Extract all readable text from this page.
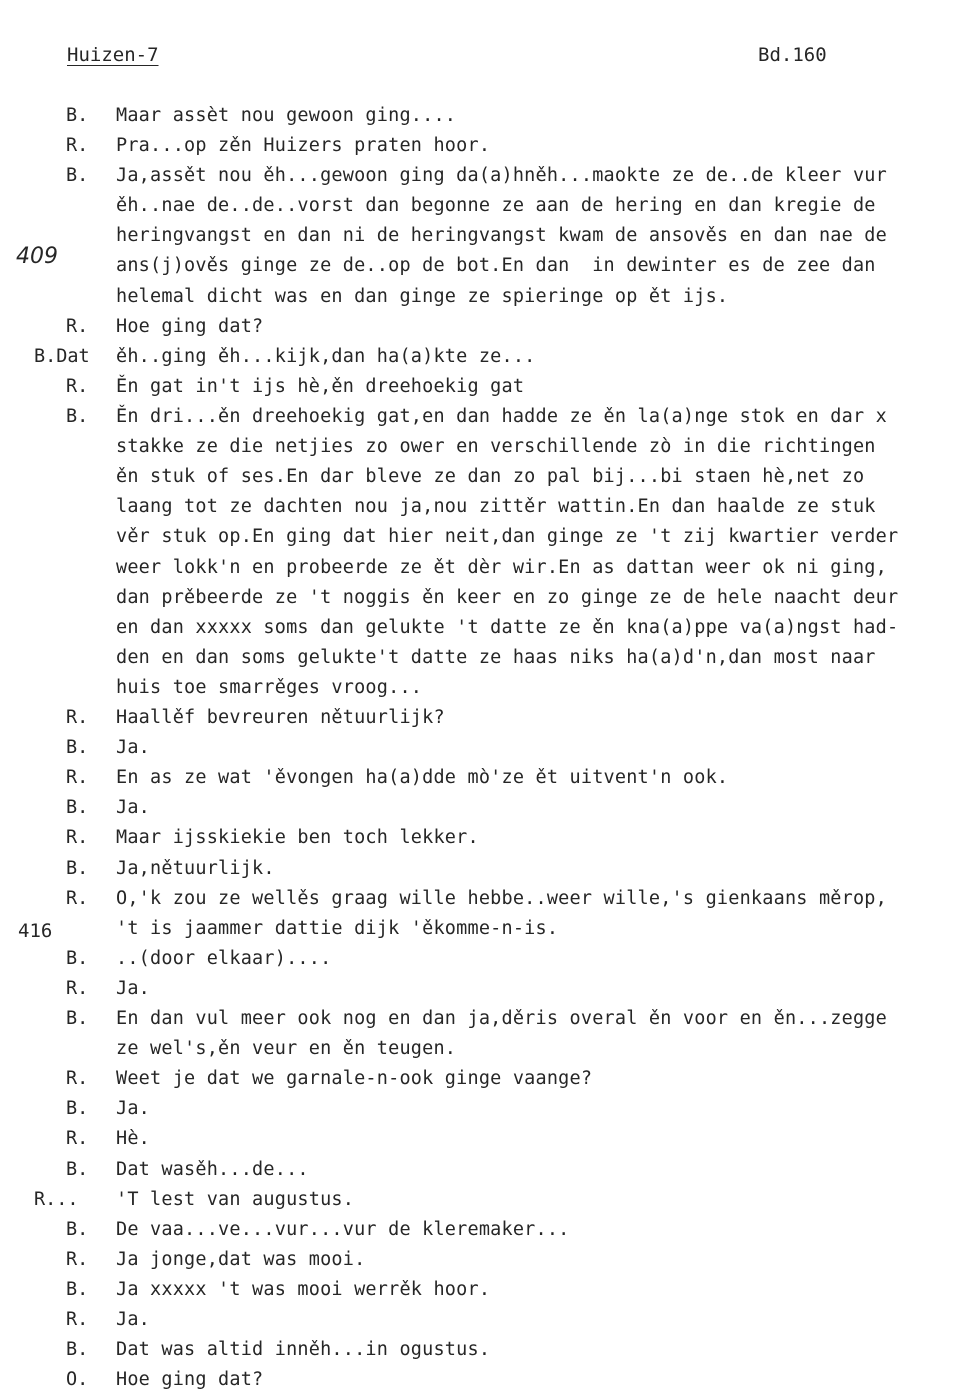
Huizen-7	Bd.160
409
416
B. Maar assèt nou gewoon ging....
R. Pra...op zěn Huizers praten hoor.
B. Ja,assět nou ěh...gewoon ging da(a)hněh...maokte ze de..de kleer vur
ěh..nae de..de..vorst dan begonne ze aan de hering en dan kregie de
heringvangst en dan ni de heringvangst kwam de ansověs en dan nae de
ans(j)ověs ginge ze de..op de bot.En dan  in dewinter es de zee dan
helemal dicht was en dan ginge ze spieringe op ět ijs.
R. Hoe ging dat?
B.Dat ěh..ging ěh...kijk,dan ha(a)kte ze...
R. Ěn gat in't ijs hè,ěn dreehoekig gat
B. Ěn dri...ěn dreehoekig gat,en dan hadde ze ěn la(a)nge stok en dar x
stakke ze die netjies zo ower en verschillende zò in die richtingen
ěn stuk of ses.En dar bleve ze dan zo pal bij...bi staen hè,net zo
laang tot ze dachten nou ja,nou zittěr wattin.En dan haalde ze stuk
věr stuk op.En ging dat hier neit,dan ginge ze 't zij kwartier verder
weer lokk'n en probeerde ze ět dèr wir.En as dattan weer ok ni ging,
dan prěbeerde ze 't noggis ěn keer en zo ginge ze de hele naacht deur
en dan xxxxx soms dan gelukte 't datte ze ěn kna(a)ppe va(a)ngst had-
den en dan soms gelukte't datte ze haas niks ha(a)d'n,dan most naar
huis toe smarrěges vroog...
R. Haallěf bevreuren nětuurlijk?
B. Ja.
R. En as ze wat 'ěvongen ha(a)dde mò'ze ět uitvent'n ook.
B. Ja.
R. Maar ijsskiekie ben toch lekker.
B. Ja,nětuurlijk.
R. O,'k zou ze wellěs graag wille hebbe..weer wille,'s gienkaans měrop,
't is jaammer dattie dijk 'ěkomme-n-is.
B. ..(door elkaar)....
R. Ja.
B. En dan vul meer ook nog en dan ja,děris overal ěn voor en ěn...zegge
ze wel's,ěn veur en ěn teugen.
R. Weet je dat we garnale-n-ook ginge vaange?
B. Ja.
R. Hè.
B. Dat wasěh...de...
R... 'T lest van augustus.
B. De vaa...ve...vur...vur de kleremaker...
R. Ja jonge,dat was mooi.
B. Ja xxxxx 't was mooi werrěk hoor.
R. Ja.
B. Dat was altid inněh...in ogustus.
O. Hoe ging dat?
